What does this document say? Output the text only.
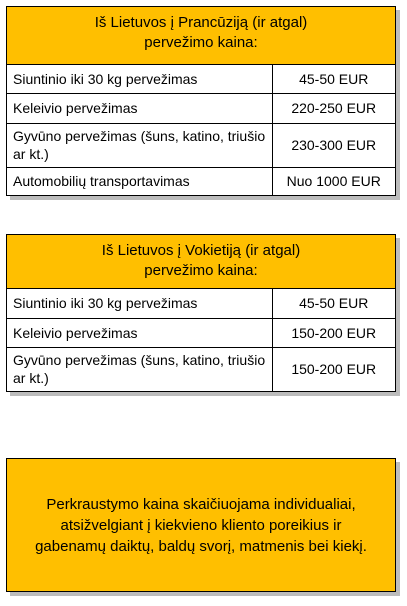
Iš Lietuvos į Prancūziją (ir atgal)
pervežimo kaina:
Siuntinio iki 30 kg pervežimas	45-50 EUR
Keleivio pervežimas	220-250 EUR
Gyvūno pervežimas (šuns, katino, triušio ar kt.)	230-300 EUR
Automobilių transportavimas	Nuo 1000 EUR
Iš Lietuvos į Vokietiją (ir atgal)
pervežimo kaina:
Siuntinio iki 30 kg pervežimas	45-50 EUR
Keleivio pervežimas	150-200 EUR
Gyvūno pervežimas (šuns, katino, triušio ar kt.)	150-200 EUR
Perkraustymo kaina skaičiuojama individualiai, atsižvelgiant į kiekvieno kliento poreikius ir gabenamų daiktų, baldų svorį, matmenis bei kiekį.
